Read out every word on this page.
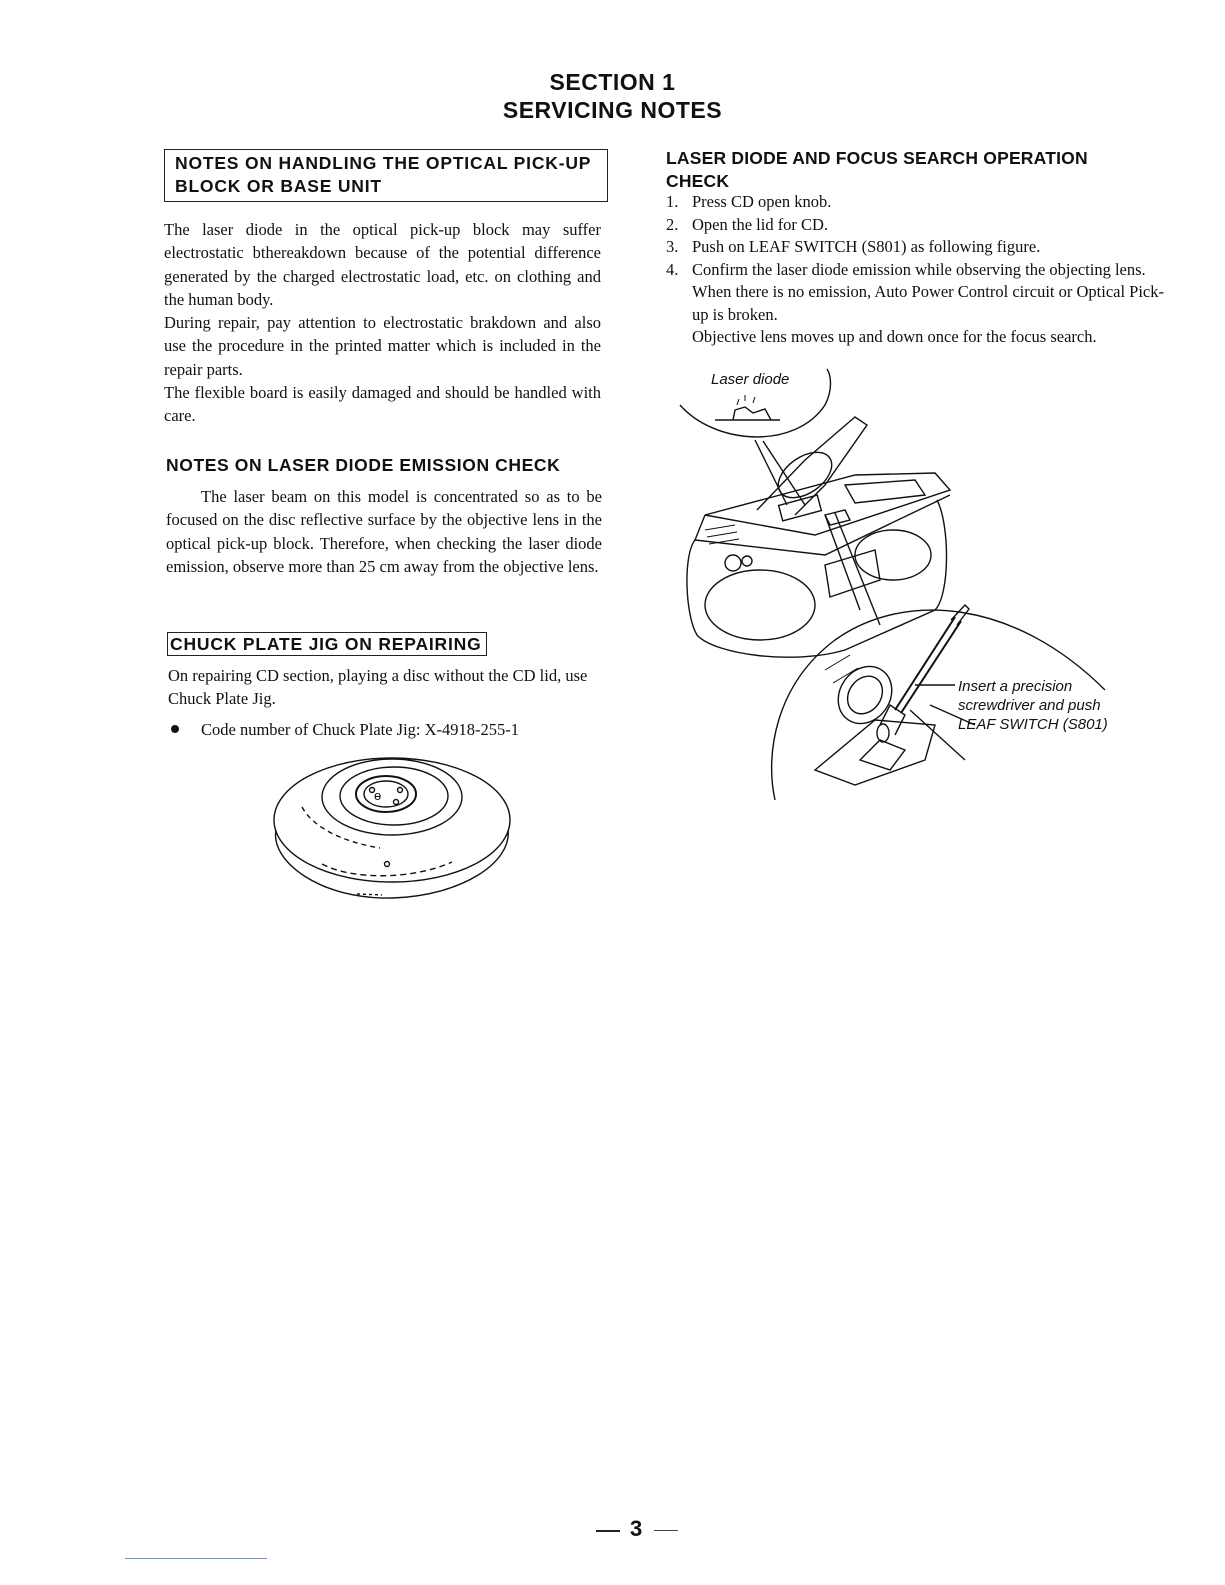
SECTION 1
SERVICING NOTES
NOTES ON HANDLING THE OPTICAL PICK-UP
BLOCK OR BASE UNIT

The laser diode in the optical pick-up block may suffer electrostatic bthereakdown because of the potential difference generated by the charged electrostatic load, etc. on clothing and the human body.

During repair, pay attention to electrostatic brakdown and also use the procedure in the printed matter which is included in the repair parts.

The flexible board is easily damaged and should be handled with care.

NOTES ON LASER DIODE EMISSION CHECK

The laser beam on this model is concentrated so as to be focused on the disc reflective surface by the objective lens in the optical pick-up block. Therefore, when checking the laser diode emission, observe more than 25 cm away from the objective lens.

CHUCK PLATE JIG ON REPAIRING

On repairing CD section, playing a disc without the CD lid, use Chuck Plate Jig.

Code number of Chuck Plate Jig: X-4918-255-1
ɵ
LASER DIODE AND FOCUS SEARCH OPERATION
CHECK
1. Press CD open knob.
2. Open the lid for CD.
3. Push on LEAF SWITCH (S801) as following figure.
4. Confirm the laser diode emission while observing the objecting lens. When there is no emission, Auto Power Control circuit or Optical Pick-up is broken.
Objective lens moves up and down once for the focus search.
Laser diode
Insert a precision
screwdriver and push
LEAF SWITCH (S801)
3
